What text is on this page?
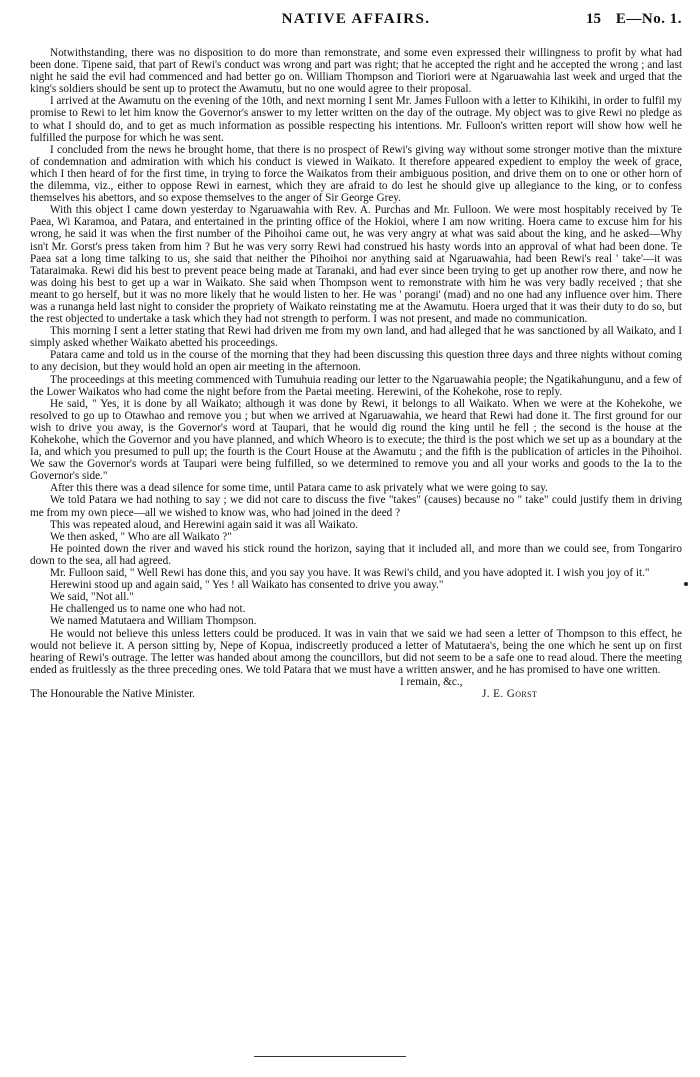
NATIVE AFFAIRS.	15 E—No. 1.

Notwithstanding, there was no disposition to do more than remonstrate, and some even expressed their willingness to profit by what had been done. Tipene said, that part of Rewi's conduct was wrong and part was right; that he accepted the right and he accepted the wrong ; and last night he said the evil had commenced and had better go on. William Thompson and Tioriori were at Ngaruawahia last week and urged that the king's soldiers should be sent up to protect the Awamutu, but no one would agree to their proposal.

I arrived at the Awamutu on the evening of the 10th, and next morning I sent Mr. James Fulloon with a letter to Kihikihi, in order to fulfil my promise to Rewi to let him know the Governor's answer to my letter written on the day of the outrage. My object was to give Rewi no pledge as to what I should do, and to get as much information as possible respecting his intentions. Mr. Fulloon's written report will show how well he fulfilled the purpose for which he was sent.

I concluded from the news he brought home, that there is no prospect of Rewi's giving way without some stronger motive than the mixture of condemnation and admiration with which his conduct is viewed in Waikato. It therefore appeared expedient to employ the week of grace, which I then heard of for the first time, in trying to force the Waikatos from their ambiguous position, and drive them on to one or other horn of the dilemma, viz., either to oppose Rewi in earnest, which they are afraid to do lest he should give up allegiance to the king, or to confess themselves his abettors, and so expose themselves to the anger of Sir George Grey.

With this object I came down yesterday to Ngaruawahia with Rev. A. Purchas and Mr. Fulloon. We were most hospitably received by Te Paea, Wi Karamoa, and Patara, and entertained in the printing office of the Hokioi, where I am now writing. Hoera came to excuse him for his wrong, he said it was when the first number of the Pihoihoi came out, he was very angry at what was said about the king, and he asked—Why isn't Mr. Gorst's press taken from him ? But he was very sorry Rewi had construed his hasty words into an approval of what had been done. Te Paea sat a long time talking to us, she said that neither the Pihoihoi nor anything said at Ngaruawahia, had been Rewi's real ' take'—it was Tataraimaka. Rewi did his best to prevent peace being made at Taranaki, and had ever since been trying to get up another row there, and now he was doing his best to get up a war in Waikato. She said when Thompson went to remonstrate with him he was very badly received ; that she meant to go herself, but it was no more likely that he would listen to her. He was ' porangi' (mad) and no one had any influence over him. There was a runanga held last night to consider the propriety of Waikato reinstating me at the Awamutu. Hoera urged that it was their duty to do so, but the rest objected to undertake a task which they had not strength to perform. I was not present, and made no communication.

This morning I sent a letter stating that Rewi had driven me from my own land, and had alleged that he was sanctioned by all Waikato, and I simply asked whether Waikato abetted his proceedings.

Patara came and told us in the course of the morning that they had been discussing this question three days and three nights without coming to any decision, but they would hold an open air meeting in the afternoon.

The proceedings at this meeting commenced with Tumuhuia reading our letter to the Ngaruawahia people; the Ngatikahungunu, and a few of the Lower Waikatos who had come the night before from the Paetai meeting. Herewini, of the Kohekohe, rose to reply.

He said, " Yes, it is done by all Waikato; although it was done by Rewi, it belongs to all Waikato. When we were at the Kohekohe, we resolved to go up to Otawhao and remove you ; but when we arrived at Ngaruawahia, we heard that Rewi had done it. The first ground for our wish to drive you away, is the Governor's word at Taupari, that he would dig round the king until he fell ; the second is the house at the Kohekohe, which the Governor and you have planned, and which Wheoro is to execute; the third is the post which we set up as a boundary at the Ia, and which you presumed to pull up; the fourth is the Court House at the Awamutu ; and the fifth is the publication of articles in the Pihoihoi. We saw the Governor's words at Taupari were being fulfilled, so we determined to remove you and all your works and goods to the Ia to the Governor's side."

After this there was a dead silence for some time, until Patara came to ask privately what we were going to say.

We told Patara we had nothing to say ; we did not care to discuss the five "takes" (causes) because no " take" could justify them in driving me from my own piece—all we wished to know was, who had joined in the deed ?

This was repeated aloud, and Herewini again said it was all Waikato.

We then asked, " Who are all Waikato ?"

He pointed down the river and waved his stick round the horizon, saying that it included all, and more than we could see, from Tongariro down to the sea, all had agreed.

Mr. Fulloon said, " Well Rewi has done this, and you say you have. It was Rewi's child, and you have adopted it. I wish you joy of it."

Herewini stood up and again said, " Yes ! all Waikato has consented to drive you away."

We said, "Not all."

He challenged us to name one who had not.

We named Matutaera and William Thompson.

He would not believe this unless letters could be produced. It was in vain that we said we had seen a letter of Thompson to this effect, he would not believe it. A person sitting by, Nepe of Kopua, indiscreetly produced a letter of Matutaera's, being the one which he sent up on first hearing of Rewi's outrage. The letter was handed about among the councillors, but did not seem to be a safe one to read aloud. There the meeting ended as fruitlessly as the three preceding ones. We told Patara that we must have a written answer, and he has promised to have one written.

I remain, &c.,
The Honourable the Native Minister.	J. E. Gorst
